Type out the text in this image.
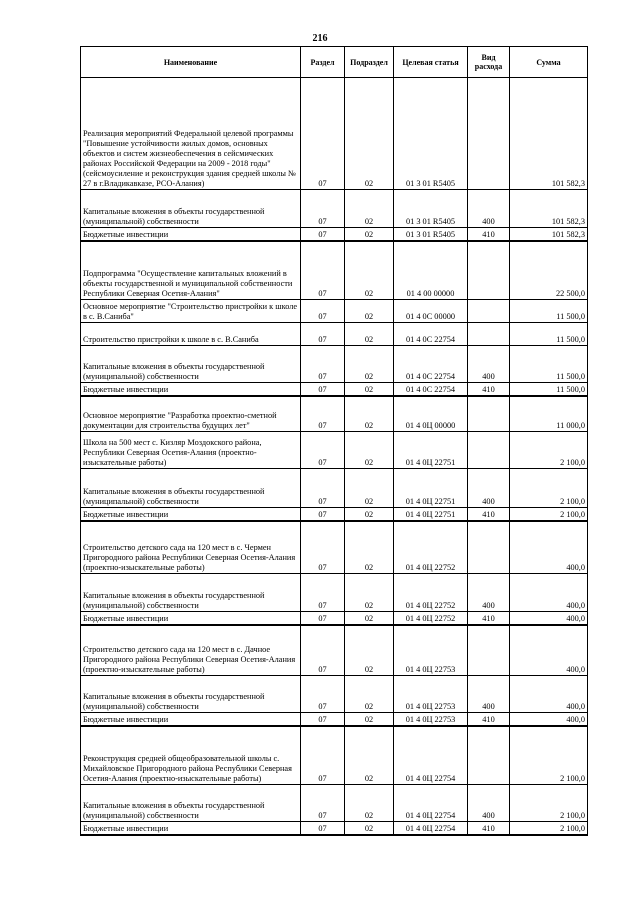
216
Наименование	Раздел	Подраздел	Целевая статья	Вид расхода	Сумма
Реализация мероприятий Федеральной целевой программы "Повышение устойчивости жилых домов, основных объектов и систем жизнеобеспечения в сейсмических районах Российской Федерации на 2009 - 2018 годы" (сейсмоусиление и реконструкция здания средней школы № 27 в г.Владикавказе, РСО-Алания)	07	02	01 3 01 R5405		101 582,3
Капитальные вложения в объекты государственной (муниципальной) собственности	07	02	01 3 01 R5405	400	101 582,3
Бюджетные инвестиции	07	02	01 3 01 R5405	410	101 582,3
Подпрограмма "Осуществление капитальных вложений в объекты государственной и муниципальной собственности Республики Северная Осетия-Алания"	07	02	01 4 00 00000		22 500,0
Основное мероприятие "Строительство пристройки к школе в с. В.Саниба"	07	02	01 4 0С 00000		11 500,0
Строительство пристройки к школе в с. В.Саниба	07	02	01 4 0С 22754		11 500,0
Капитальные вложения в объекты государственной (муниципальной) собственности	07	02	01 4 0С 22754	400	11 500,0
Бюджетные инвестиции	07	02	01 4 0С 22754	410	11 500,0
Основное мероприятие "Разработка проектно-сметной документации для строительства будущих лет"	07	02	01 4 0Ц 00000		11 000,0
Школа на 500 мест с. Кизляр Моздокского района, Республики Северная Осетия-Алания (проектно-изыскательные работы)	07	02	01 4 0Ц 22751		2 100,0
Капитальные вложения в объекты государственной (муниципальной) собственности	07	02	01 4 0Ц 22751	400	2 100,0
Бюджетные инвестиции	07	02	01 4 0Ц 22751	410	2 100,0
Строительство детского сада на 120 мест в с. Чермен Пригородного района Республики Северная Осетия-Алания (проектно-изыскательные работы)	07	02	01 4 0Ц 22752		400,0
Капитальные вложения в объекты государственной (муниципальной) собственности	07	02	01 4 0Ц 22752	400	400,0
Бюджетные инвестиции	07	02	01 4 0Ц 22752	410	400,0
Строительство детского сада на 120 мест в с. Дачное Пригородного района Республики Северная Осетия-Алания (проектно-изыскательные работы)	07	02	01 4 0Ц 22753		400,0
Капитальные вложения в объекты государственной (муниципальной) собственности	07	02	01 4 0Ц 22753	400	400,0
Бюджетные инвестиции	07	02	01 4 0Ц 22753	410	400,0
Реконструкция средней общеобразовательной школы с. Михайловское Пригородного района Республики Северная Осетия-Алания (проектно-изыскательные работы)	07	02	01 4 0Ц 22754		2 100,0
Капитальные вложения в объекты государственной (муниципальной) собственности	07	02	01 4 0Ц 22754	400	2 100,0
Бюджетные инвестиции	07	02	01 4 0Ц 22754	410	2 100,0
